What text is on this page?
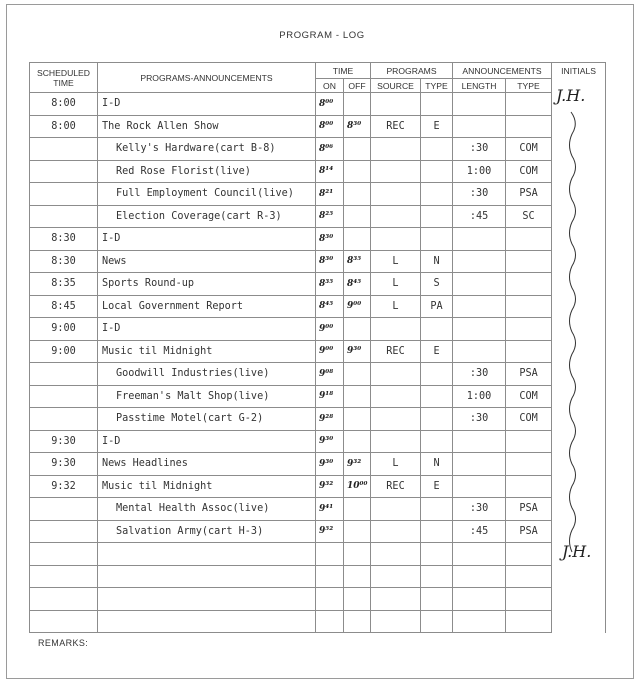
PROGRAM - LOG
SCHEDULED TIME	PROGRAMS-ANNOUNCEMENTS	TIME		PROGRAMS		ANNOUNCEMENTS		INITIALS
		ON	OFF	SOURCE	TYPE	LENGTH	TYPE	
8:00	I-D	8⁰⁰						
8:00	The Rock Allen Show	8⁰⁰	8³⁰	REC	E			
	Kelly's Hardware(cart B-8)	8⁰⁶				:30	COM	
	Red Rose Florist(live)	8¹⁴				1:00	COM	
	Full Employment Council(live)	8²¹				:30	PSA	
	Election Coverage(cart R-3)	8²⁵				:45	SC	
8:30	I-D	8³⁰						
8:30	News	8³⁰	8³⁵	L	N			
8:35	Sports Round-up	8³⁵	8⁴⁵	L	S			
8:45	Local Government Report	8⁴⁵	9⁰⁰	L	PA			
9:00	I-D	9⁰⁰						
9:00	Music til Midnight	9⁰⁰	9³⁰	REC	E			
	Goodwill Industries(live)	9⁰⁸				:30	PSA	
	Freeman's Malt Shop(live)	9¹⁸				1:00	COM	
	Passtime Motel(cart G-2)	9²⁸				:30	COM	
9:30	I-D	9³⁰						
9:30	News Headlines	9³⁰	9³²	L	N			
9:32	Music til Midnight	9³²	10⁰⁰	REC	E			
	Mental Health Assoc(live)	9⁴¹				:30	PSA	
	Salvation Army(cart H-3)	9⁵²				:45	PSA	

J.H.
J.H.
REMARKS:
